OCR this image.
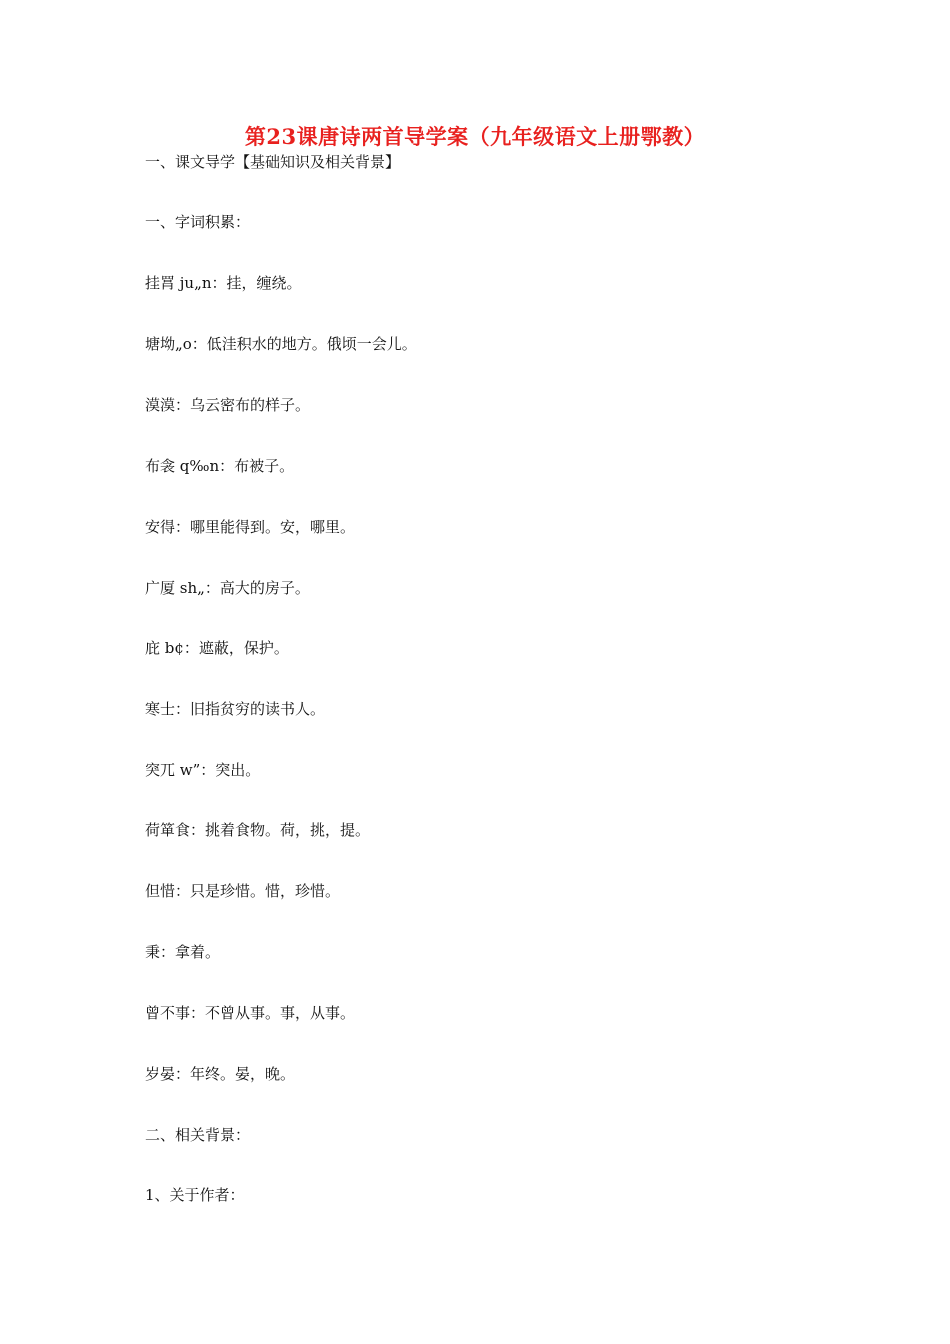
第23课唐诗两首导学案（九年级语文上册鄂教）
一、课文导学【基础知识及相关背景】
一、字词积累：
挂罥 ju„n：挂，缠绕。
塘坳„o：低洼积水的地方。俄顷一会儿。
漠漠：乌云密布的样子。
布衾 q‰n：布被子。
安得：哪里能得到。安，哪里。
广厦 sh„：高大的房子。
庇 b¢：遮蔽，保护。
寒士：旧指贫穷的读书人。
突兀 w”：突出。
荷箪食：挑着食物。荷，挑，提。
但惜：只是珍惜。惜，珍惜。
秉：拿着。
曾不事：不曾从事。事，从事。
岁晏：年终。晏，晚。
二、相关背景：
1、关于作者：
